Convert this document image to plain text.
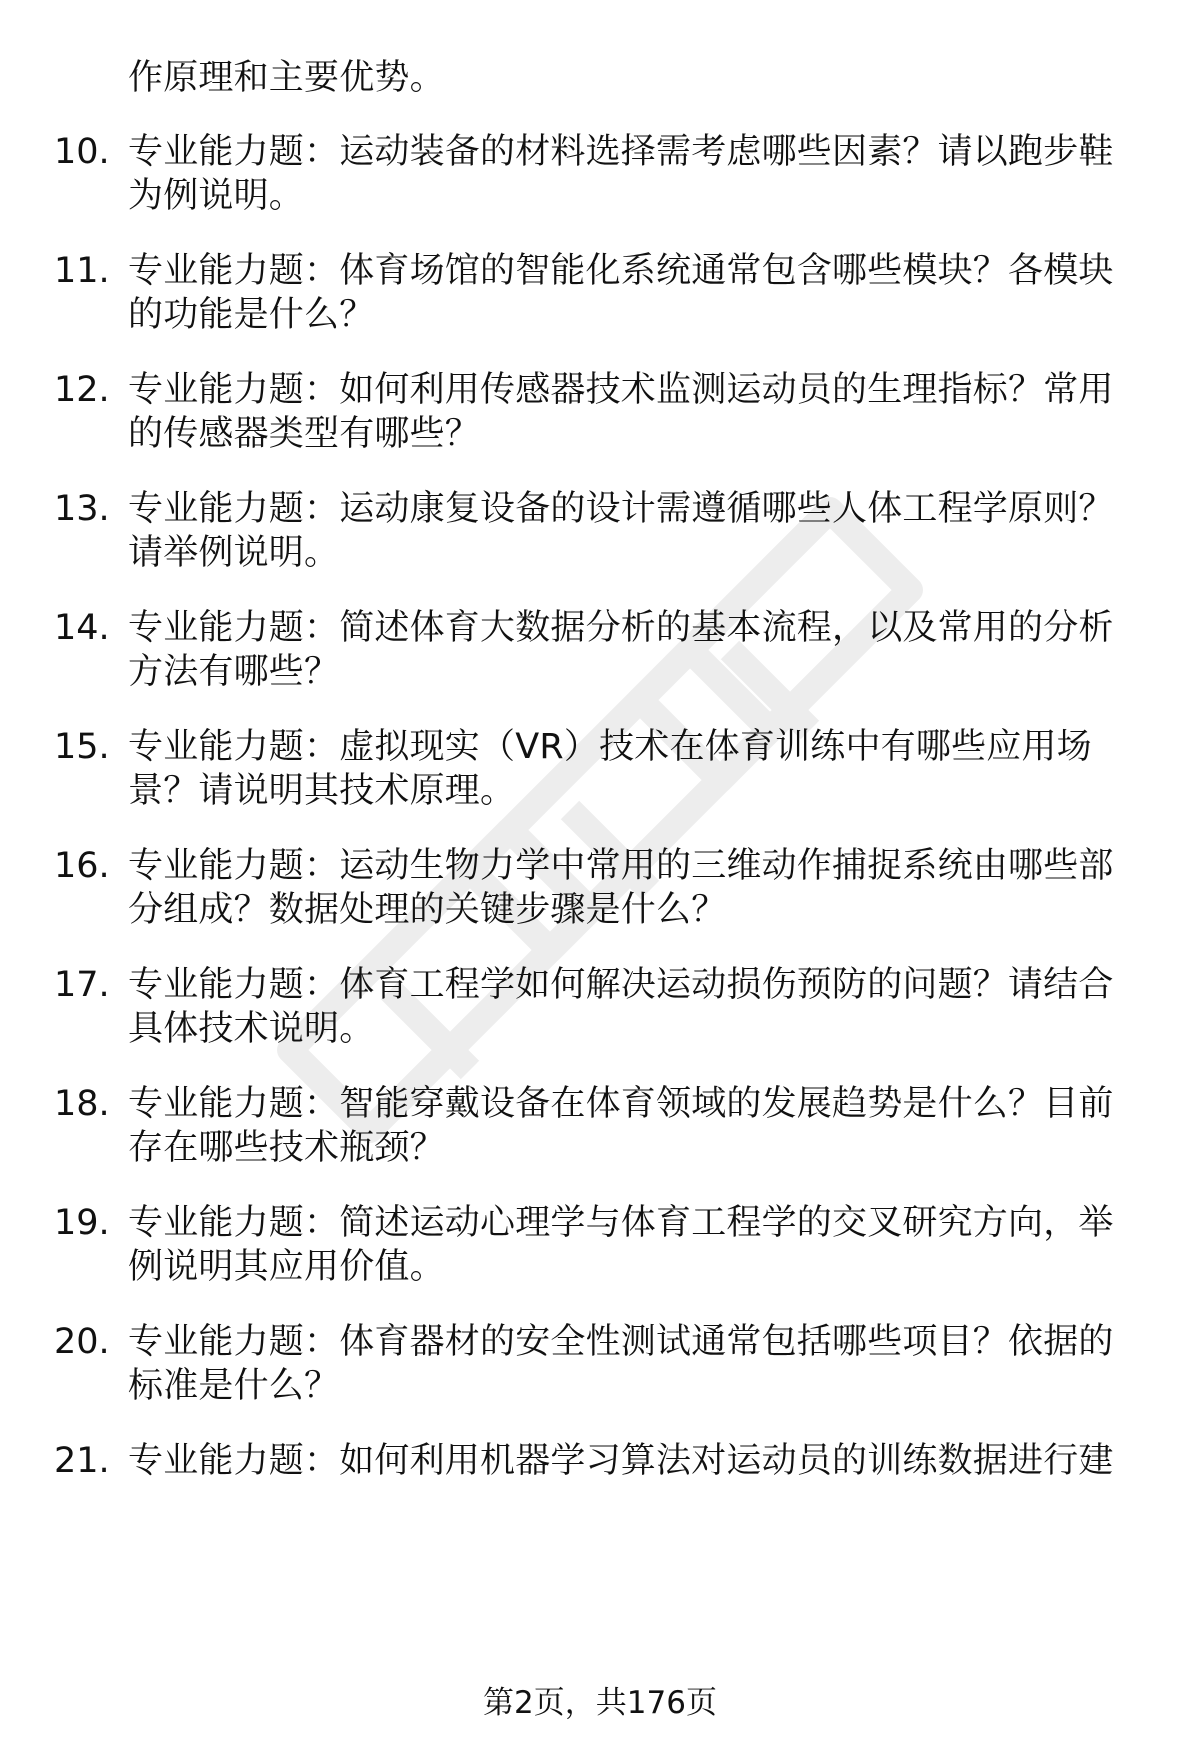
作原理和主要优势。
10. 专业能力题：运动装备的材料选择需考虑哪些因素？请以跑步鞋
为例说明。
11. 专业能力题：体育场馆的智能化系统通常包含哪些模块？各模块
的功能是什么？
12. 专业能力题：如何利用传感器技术监测运动员的生理指标？常用
的传感器类型有哪些？
13. 专业能力题：运动康复设备的设计需遵循哪些人体工程学原则？
请举例说明。
14. 专业能力题：简述体育大数据分析的基本流程，以及常用的分析
方法有哪些？
15. 专业能力题：虚拟现实（VR）技术在体育训练中有哪些应用场
景？请说明其技术原理。
16. 专业能力题：运动生物力学中常用的三维动作捕捉系统由哪些部
分组成？数据处理的关键步骤是什么？
17. 专业能力题：体育工程学如何解决运动损伤预防的问题？请结合
具体技术说明。
18. 专业能力题：智能穿戴设备在体育领域的发展趋势是什么？目前
存在哪些技术瓶颈？
19. 专业能力题：简述运动心理学与体育工程学的交叉研究方向，举
例说明其应用价值。
20. 专业能力题：体育器材的安全性测试通常包括哪些项目？依据的
标准是什么？
21. 专业能力题：如何利用机器学习算法对运动员的训练数据进行建
第2页，共176页
